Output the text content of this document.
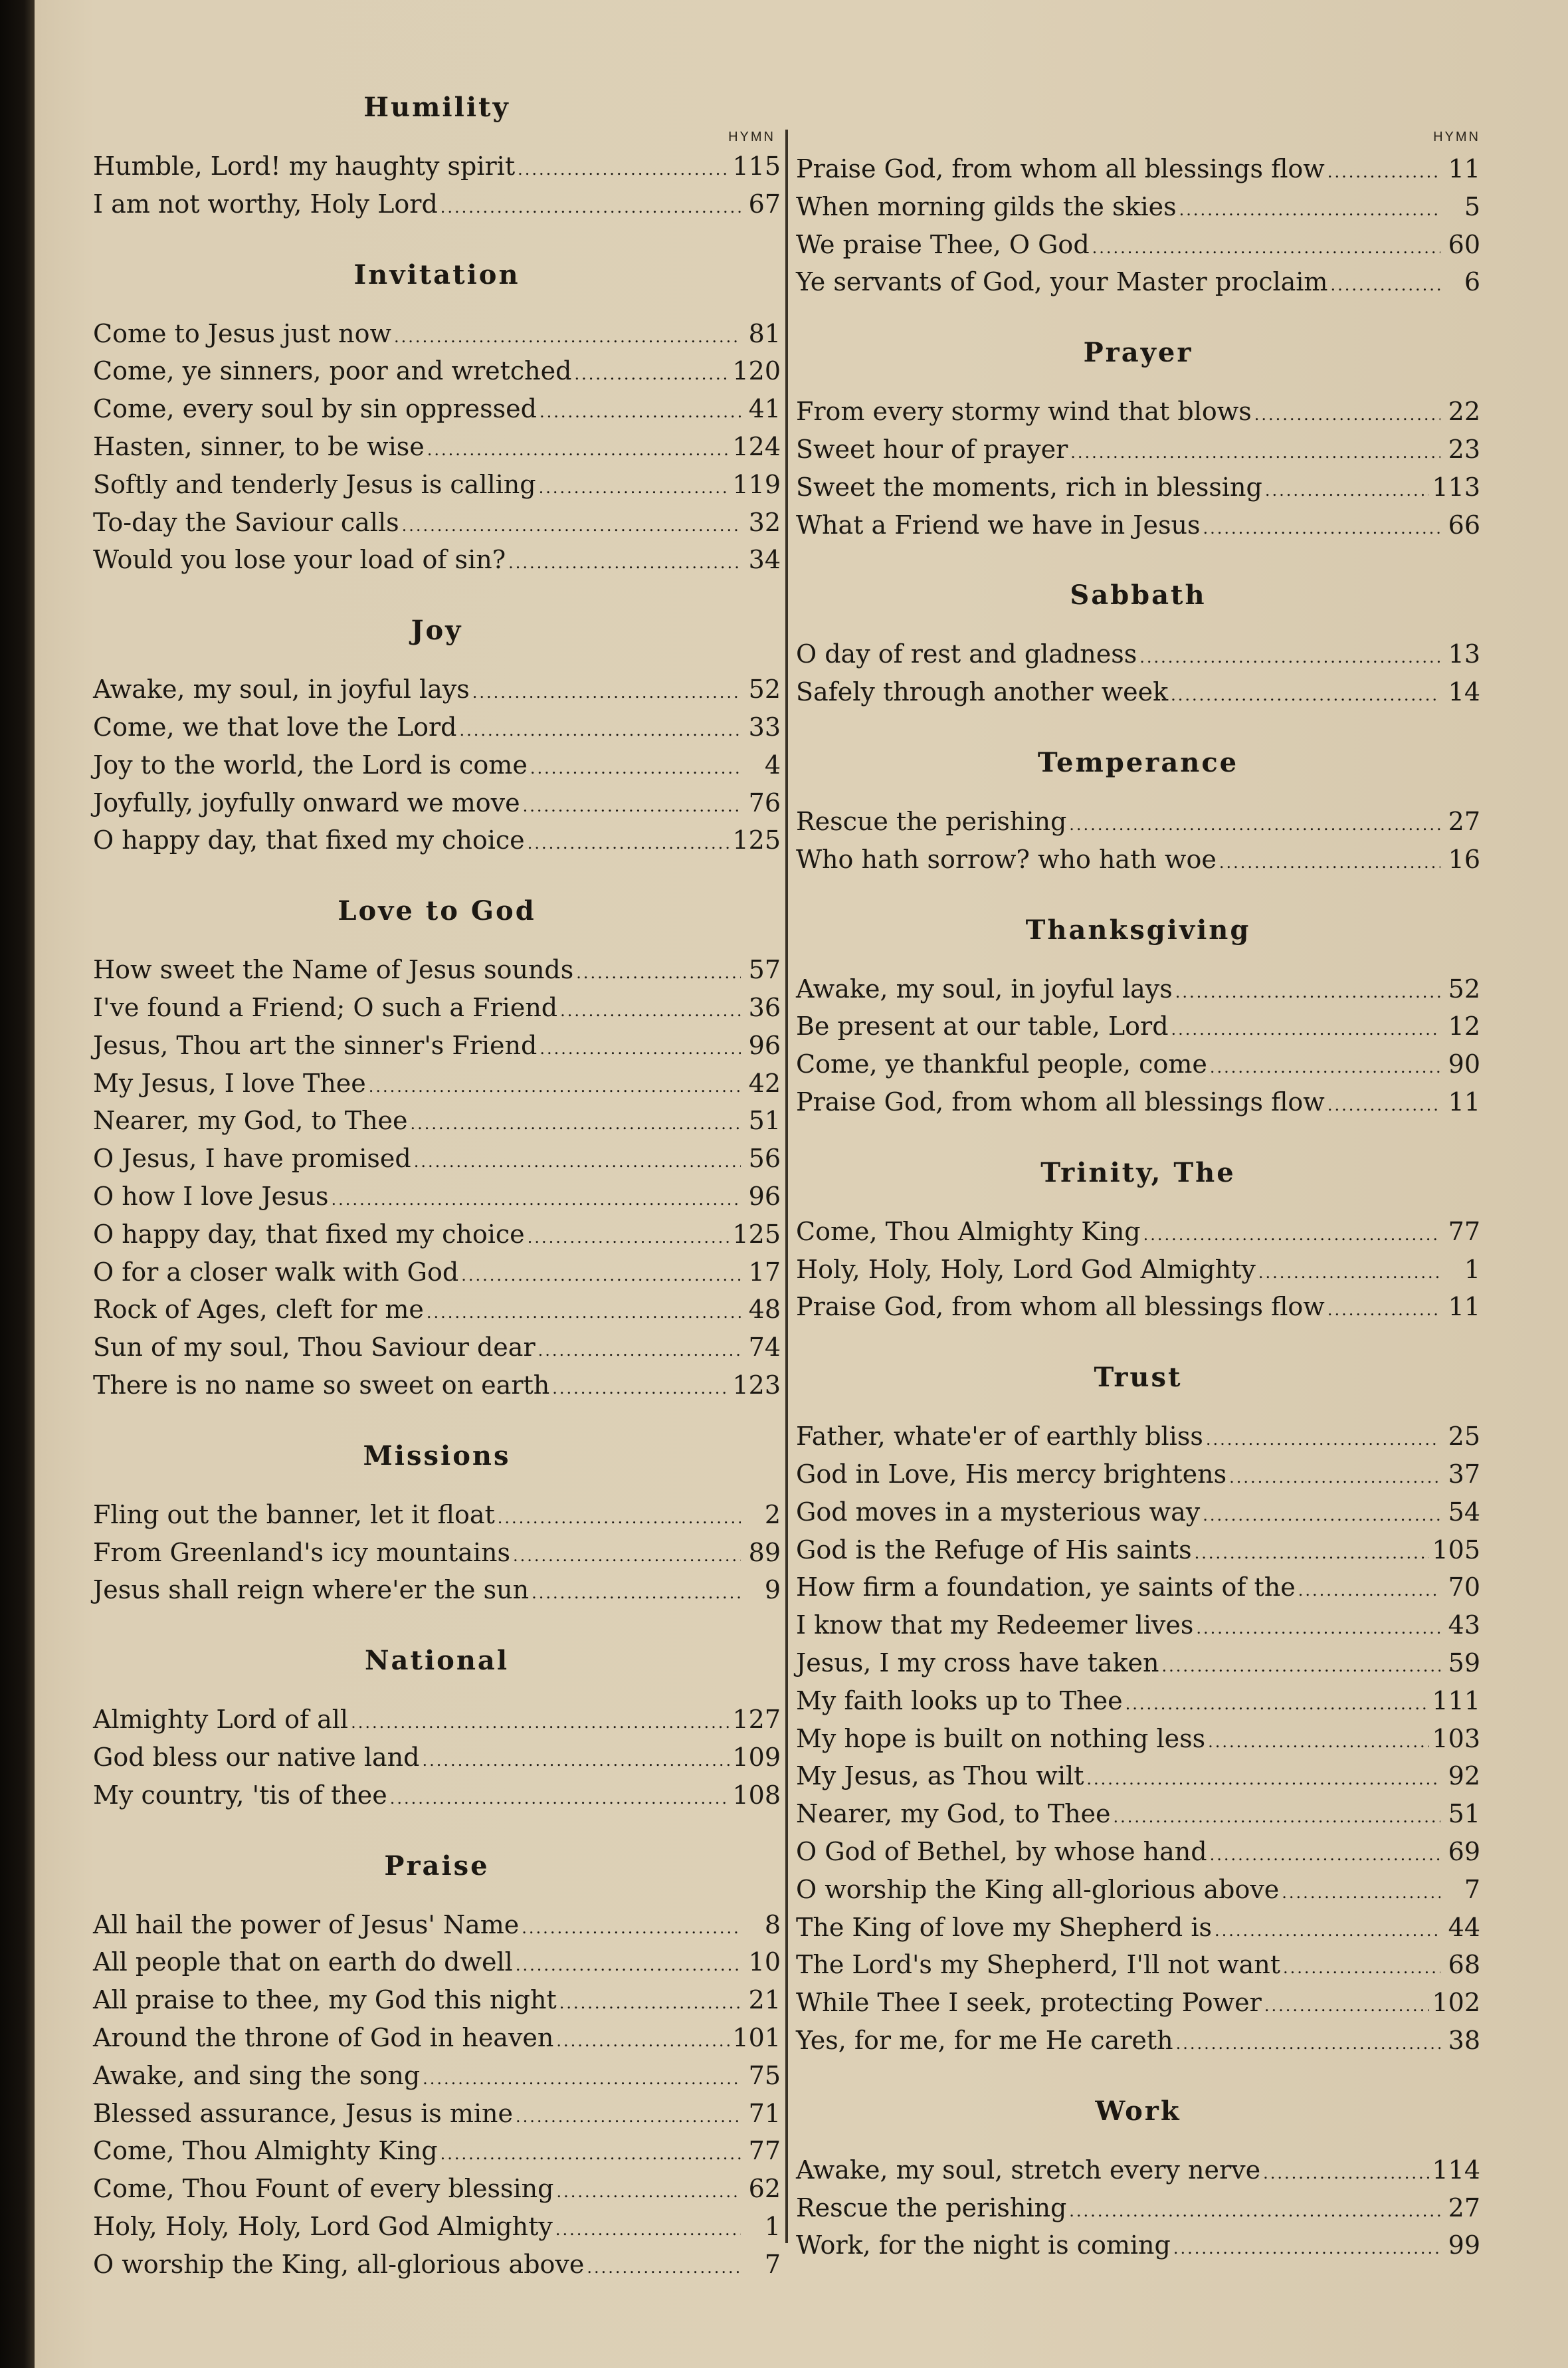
HYMN
Humility
Humble, Lord! my haughty spirit .....	115
I am not worthy, Holy Lord .....	67
Invitation
Come to Jesus just now .....	81
Come, ye sinners, poor and wretched .....	120
Come, every soul by sin oppressed .....	41
Hasten, sinner, to be wise .....	124
Softly and tenderly Jesus is calling .....	119
To-day the Saviour calls .....	32
Would you lose your load of sin? .....	34
Joy
Awake, my soul, in joyful lays .....	52
Come, we that love the Lord .....	33
Joy to the world, the Lord is come .....	4
Joyfully, joyfully onward we move .....	76
O happy day, that fixed my choice .....	125
Love to God
How sweet the Name of Jesus sounds .....	57
I've found a Friend; O such a Friend .....	36
Jesus, Thou art the sinner's Friend .....	96
My Jesus, I love Thee .....	42
Nearer, my God, to Thee .....	51
O Jesus, I have promised .....	56
O how I love Jesus .....	96
O happy day, that fixed my choice .....	125
O for a closer walk with God .....	17
Rock of Ages, cleft for me .....	48
Sun of my soul, Thou Saviour dear .....	74
There is no name so sweet on earth .....	123
Missions
Fling out the banner, let it float .....	2
From Greenland's icy mountains .....	89
Jesus shall reign where'er the sun .....	9
National
Almighty Lord of all .....	127
God bless our native land .....	109
My country, 'tis of thee .....	108
Praise
All hail the power of Jesus' Name .....	8
All people that on earth do dwell .....	10
All praise to thee, my God this night .....	21
Around the throne of God in heaven .....	101
Awake, and sing the song .....	75
Blessed assurance, Jesus is mine .....	71
Come, Thou Almighty King .....	77
Come, Thou Fount of every blessing .....	62
Holy, Holy, Holy, Lord God Almighty .....	1
O worship the King, all-glorious above .....	7
HYMN
Praise God, from whom all blessings flow .....	11
When morning gilds the skies .....	5
We praise Thee, O God .....	60
Ye servants of God, your Master proclaim .....	6
Prayer
From every stormy wind that blows .....	22
Sweet hour of prayer .....	23
Sweet the moments, rich in blessing .....	113
What a Friend we have in Jesus .....	66
Sabbath
O day of rest and gladness .....	13
Safely through another week .....	14
Temperance
Rescue the perishing .....	27
Who hath sorrow? who hath woe .....	16
Thanksgiving
Awake, my soul, in joyful lays .....	52
Be present at our table, Lord .....	12
Come, ye thankful people, come .....	90
Praise God, from whom all blessings flow .....	11
Trinity, The
Come, Thou Almighty King .....	77
Holy, Holy, Holy, Lord God Almighty .....	1
Praise God, from whom all blessings flow .....	11
Trust
Father, whate'er of earthly bliss .....	25
God in Love, His mercy brightens .....	37
God moves in a mysterious way .....	54
God is the Refuge of His saints .....	105
How firm a foundation, ye saints of the .....	70
I know that my Redeemer lives .....	43
Jesus, I my cross have taken .....	59
My faith looks up to Thee .....	111
My hope is built on nothing less .....	103
My Jesus, as Thou wilt .....	92
Nearer, my God, to Thee .....	51
O God of Bethel, by whose hand .....	69
O worship the King all-glorious above .....	7
The King of love my Shepherd is .....	44
The Lord's my Shepherd, I'll not want .....	68
While Thee I seek, protecting Power .....	102
Yes, for me, for me He careth .....	38
Work
Awake, my soul, stretch every nerve .....	114
Rescue the perishing .....	27
Work, for the night is coming .....	99
